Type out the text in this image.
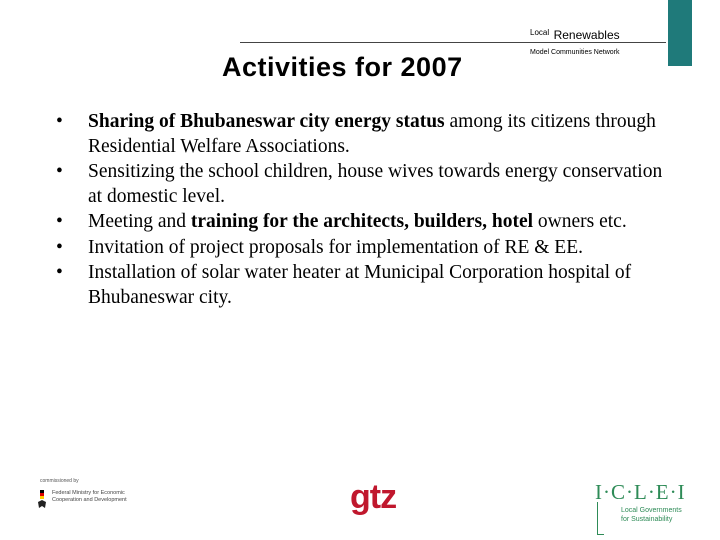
$^{Local}$ Renewables
Model Communities Network
Activities for 2007
• Sharing of Bhubaneswar city energy status among its citizens through Residential Welfare Associations.
• Sensitizing the school children, house wives towards energy conservation at domestic level.
• Meeting and training for the architects, builders, hotel owners etc.
• Invitation of project proposals for implementation of RE & EE.
• Installation of solar water heater at Municipal Corporation hospital of Bhubaneswar city.
commissioned by
Federal Ministry for Economic Cooperation and Development	gtz	I·C·L·E·I
Local Governments for Sustainability
